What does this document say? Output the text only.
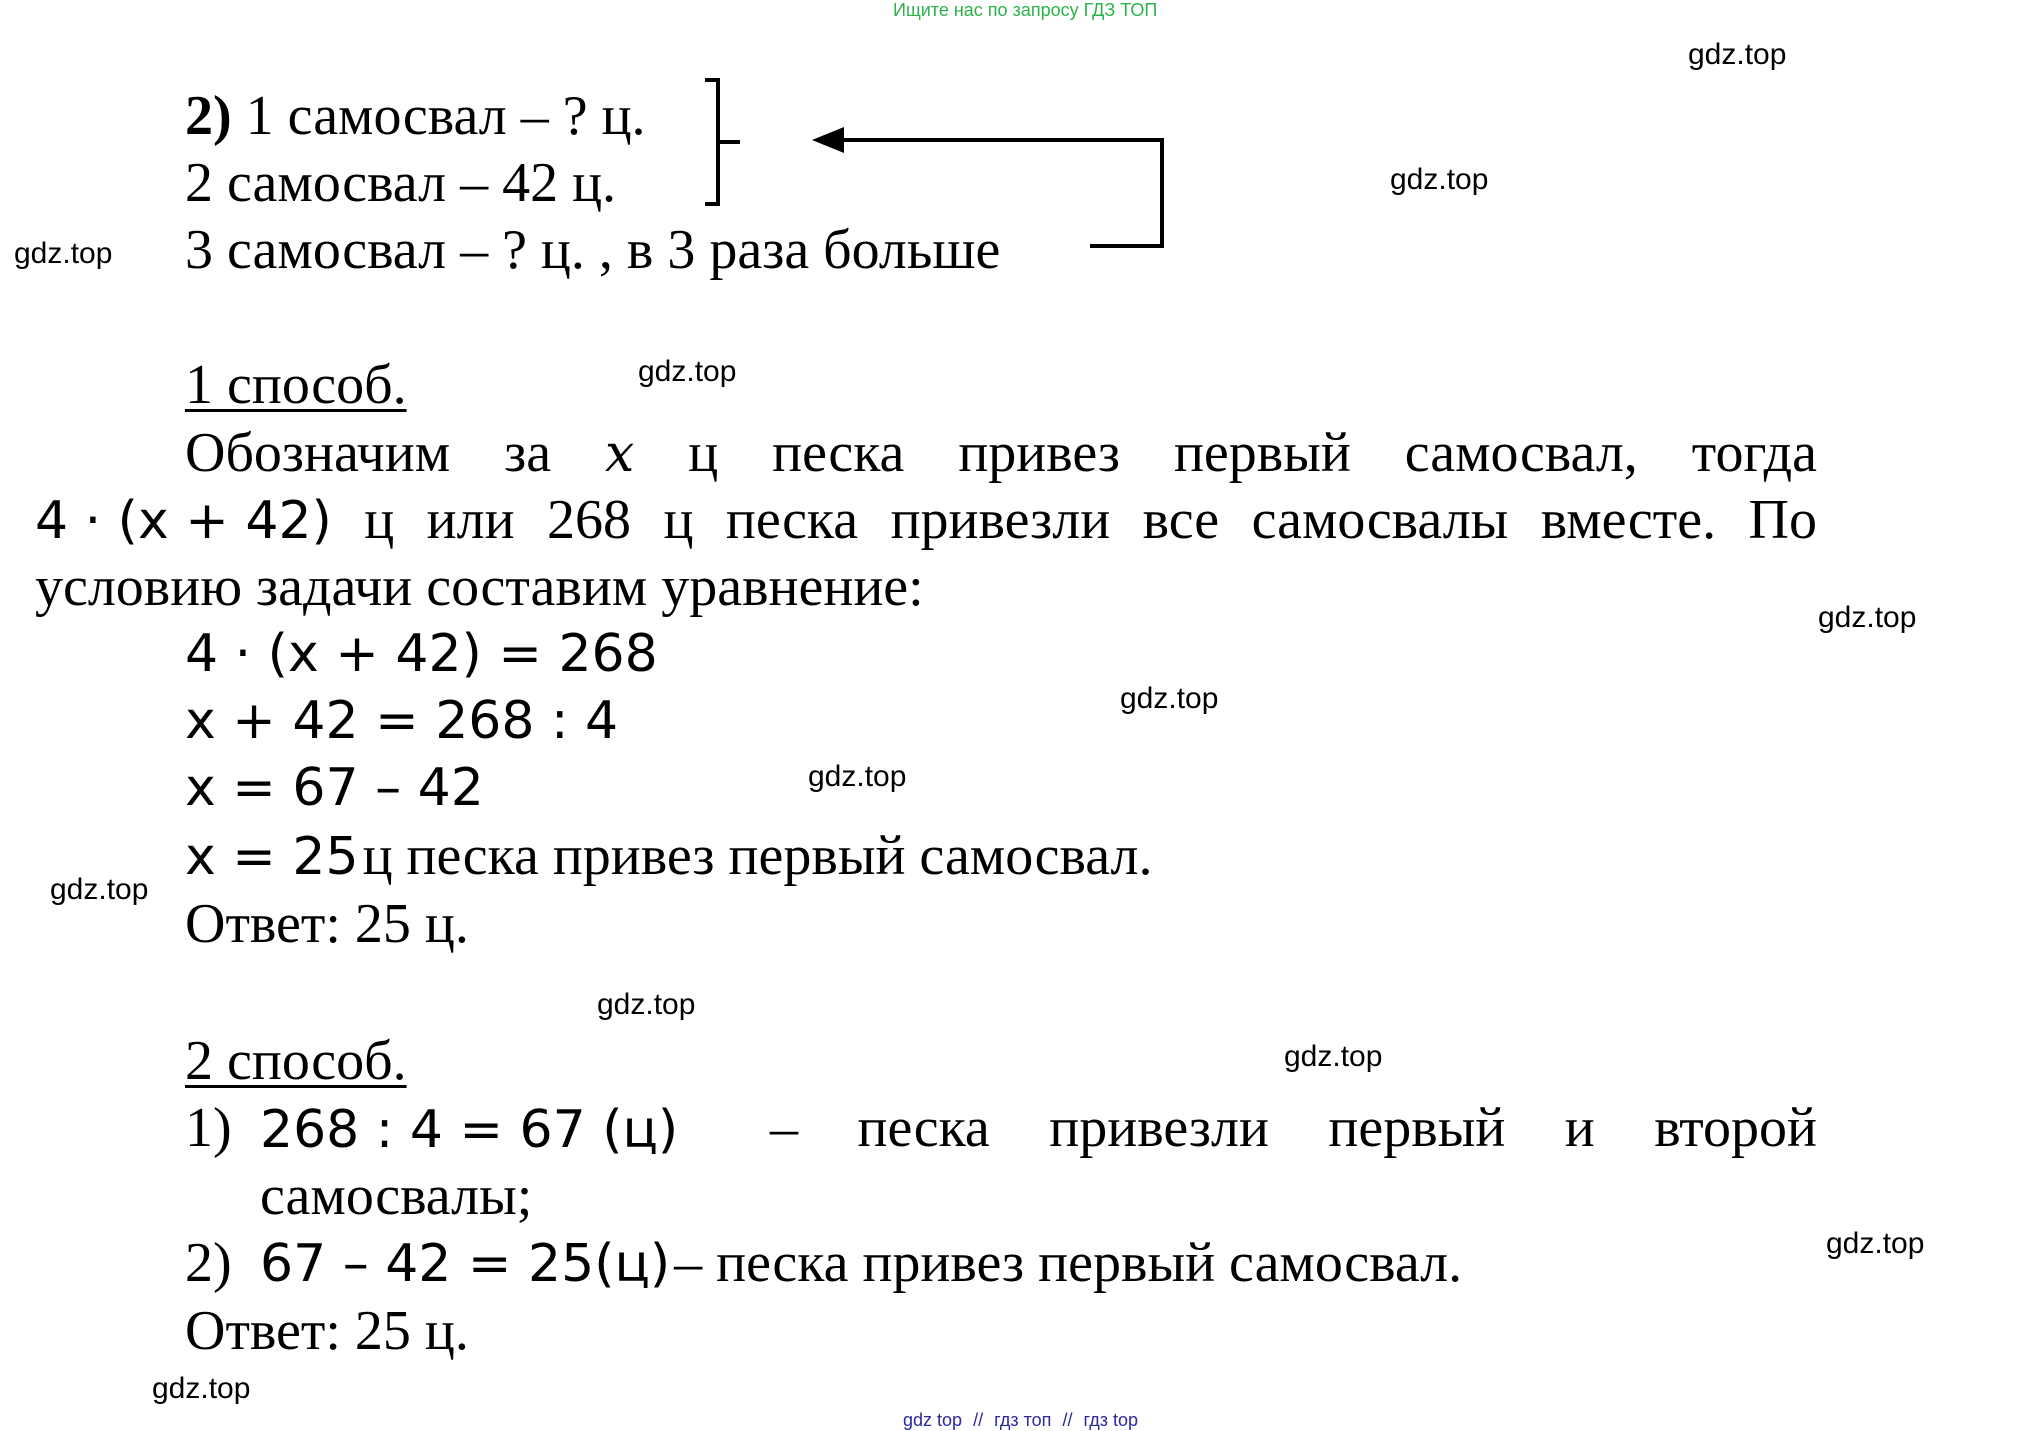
Ищите нас по запросу ГДЗ ТОП
gdz.top
gdz.top
gdz.top
gdz.top
gdz.top
gdz.top
gdz.top
gdz.top
gdz.top
gdz.top
gdz.top
gdz.top
2) 1 самосвал – ? ц.
2 самосвал – 42 ц.
3 самосвал – ? ц. , в 3 раза больше
1 способ.
Обозначим за x ц песка привез первый самосвал, тогда
4 · (x + 42) ц или 268 ц песка привезли все самосвалы вместе. По
условию задачи составим уравнение:
4 · (x + 42) = 268
x + 42 = 268 : 4
x = 67 – 42
x = 25 ц песка привез первый самосвал.
Ответ: 25 ц.
2 способ.
1) 268 : 4 = 67 (ц) – песка привезли первый и второй
самосвалы;
2) 67 – 42 = 25(ц) – песка привез первый самосвал.
Ответ: 25 ц.
gdz top // гдз топ // гдз top
